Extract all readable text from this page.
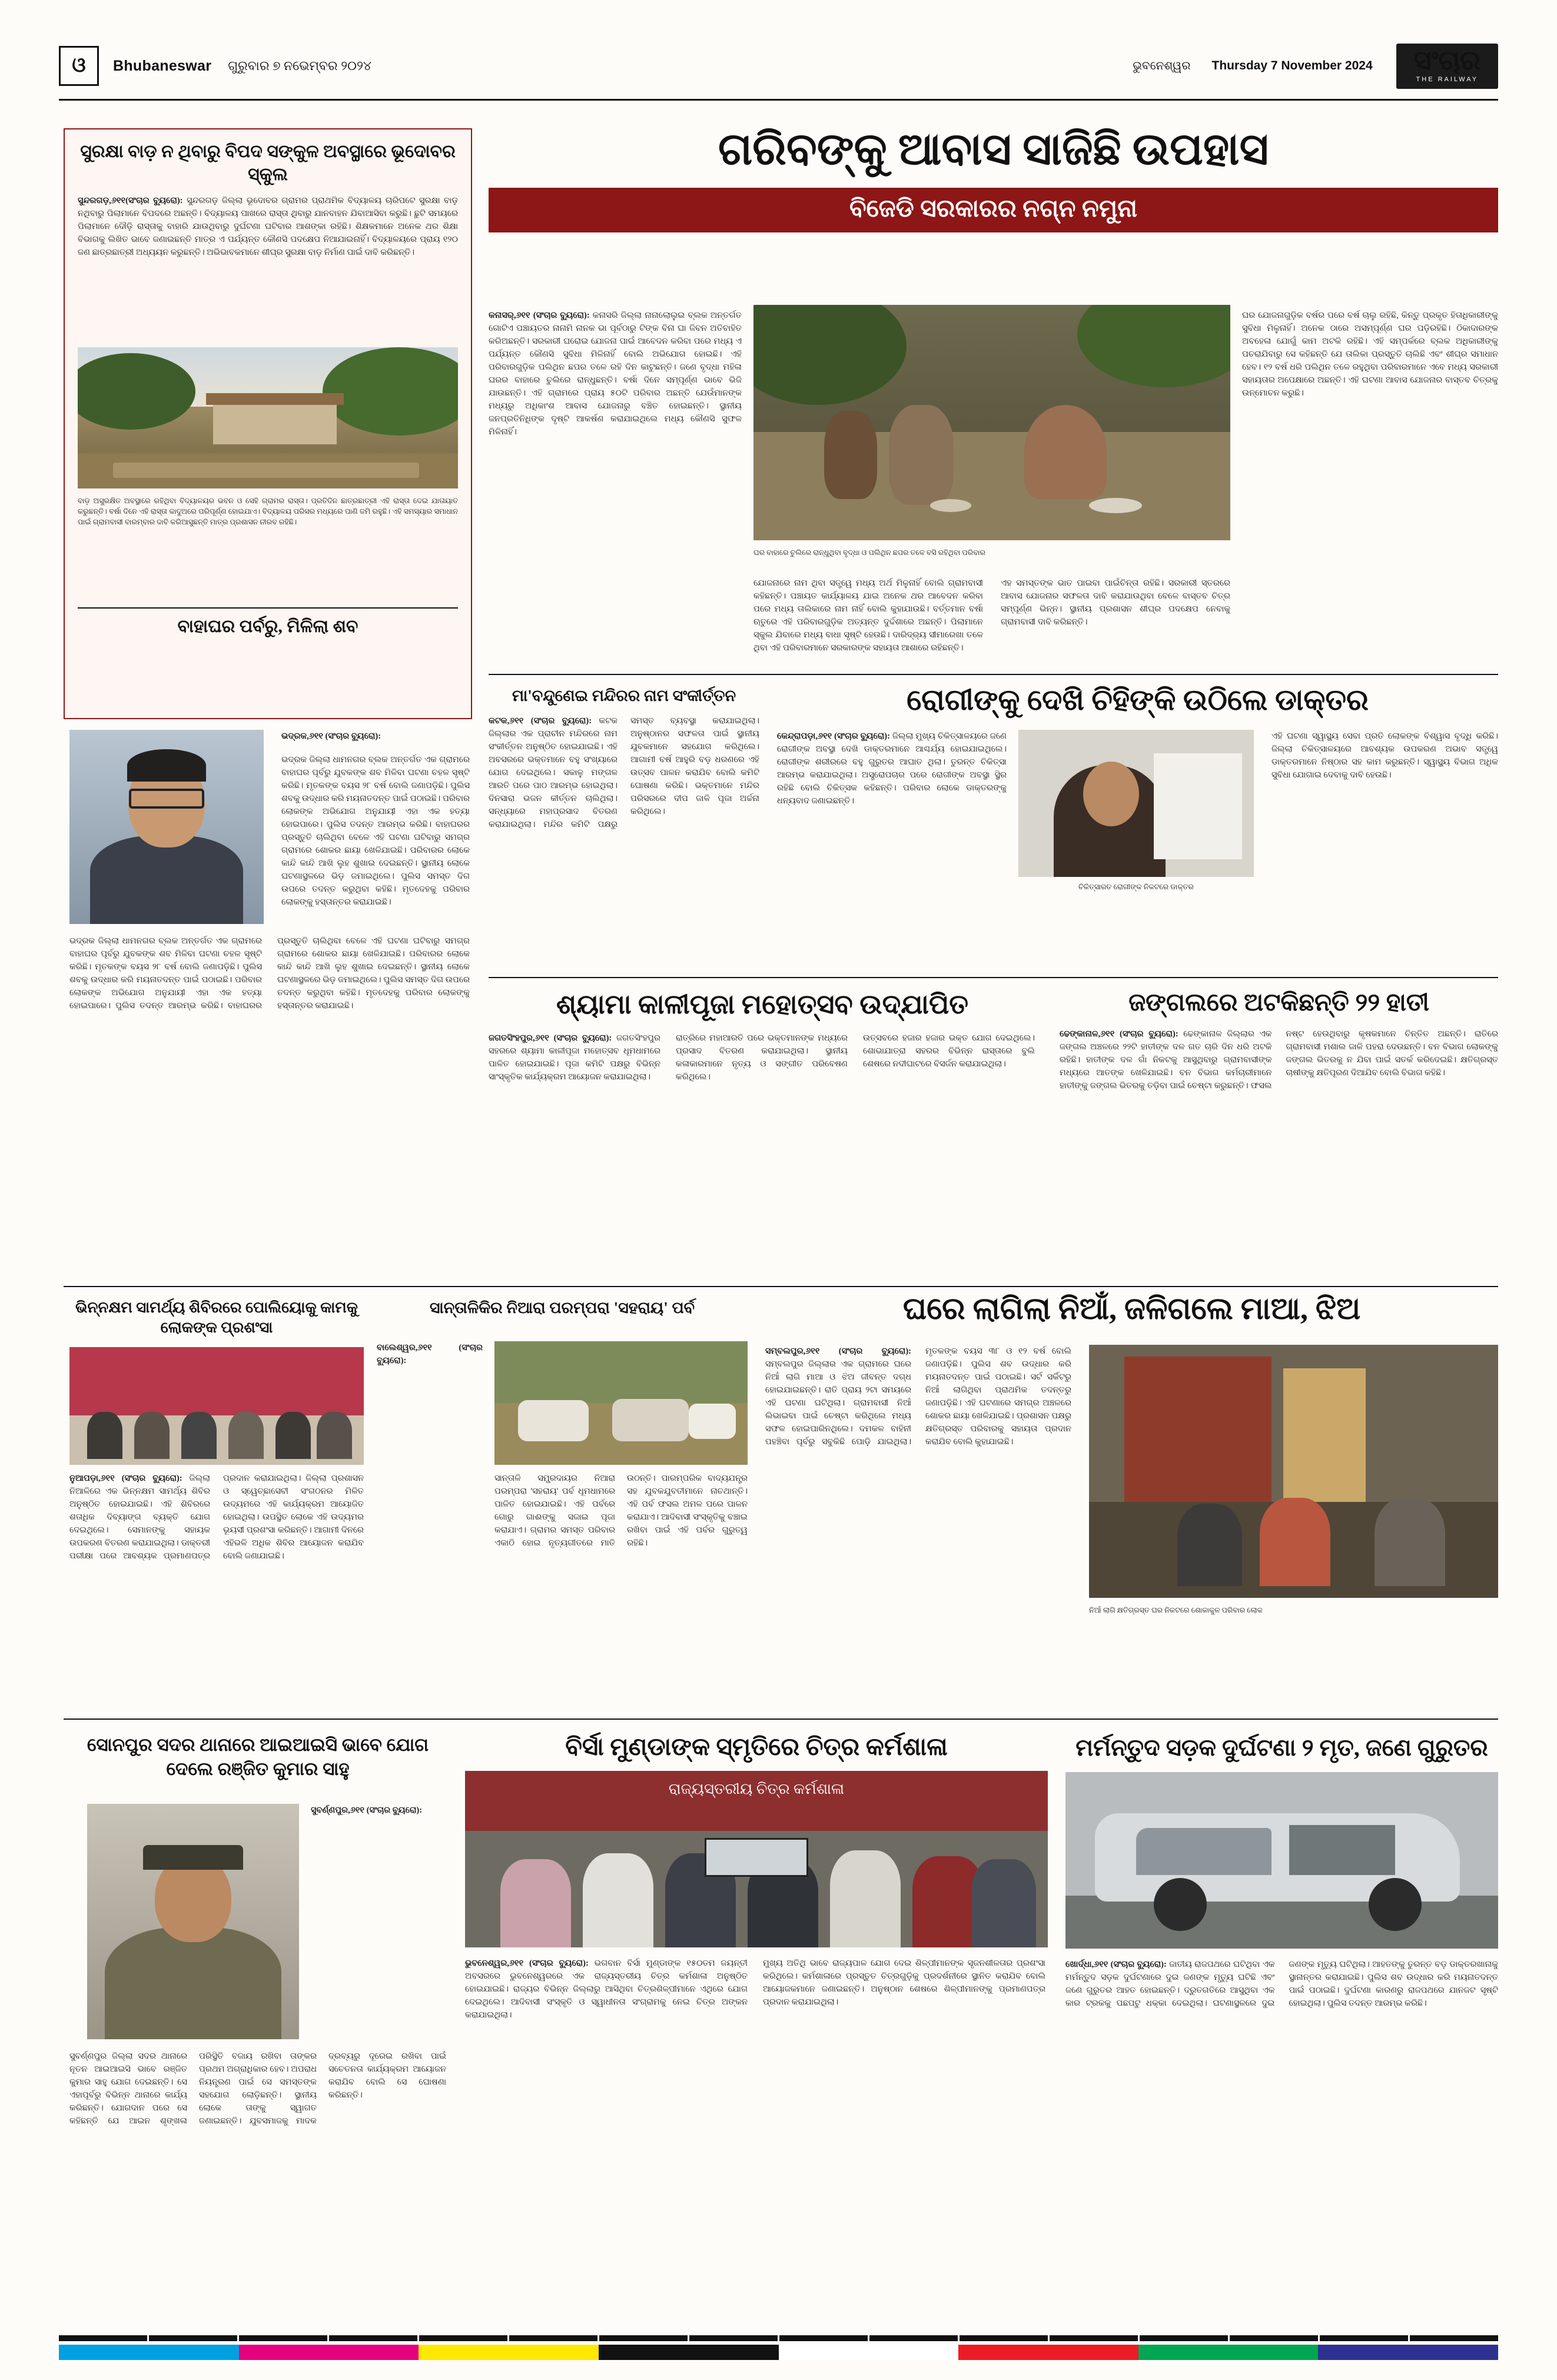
ଓ	Bhubaneswar ଗୁରୁବାର ୭ ନଭେମ୍ବର ୨୦୨୪	ଭୁବନେଶ୍ୱର Thursday 7 November 2024 ସଂଚାର
THE RAILWAY
ସୁରକ୍ଷା ବାଡ଼ ନ ଥିବାରୁ ବିପଦ ସଙ୍କୁଳ ଅବସ୍ଥାରେ ଭୂଦୋବର ସ୍କୁଲ
ସୁନ୍ଦରଗଡ଼,୬୧୧(ସଂଚାର ବ୍ୟୁରୋ): ସୁନ୍ଦରଗଡ଼ ଜିଲ୍ଲା ଭୂଦୋବର ଗ୍ରାମର ପ୍ରାଥମିକ ବିଦ୍ୟାଳୟ ଚାରିପଟେ ସୁରକ୍ଷା ବାଡ଼ ନଥିବାରୁ ପିଲାମାନେ ବିପଦରେ ଅଛନ୍ତି। ବିଦ୍ୟାଳୟ ପାଖରେ ରାସ୍ତା ଥିବାରୁ ଯାନବାହନ ଯିବାଆସିବା କରୁଛି। ଛୁଟି ସମୟରେ ପିଲାମାନେ ଦୌଡ଼ି ରାସ୍ତାକୁ ବାହାରି ଯାଉଥିବାରୁ ଦୁର୍ଘଟଣା ଘଟିବାର ଆଶଙ୍କା ରହିଛି। ଶିକ୍ଷକମାନେ ଅନେକ ଥର ଶିକ୍ଷା ବିଭାଗକୁ ଲିଖିତ ଭାବେ ଜଣାଇଛନ୍ତି ମାତ୍ର ଏ ପର୍ଯ୍ୟନ୍ତ କୌଣସି ପଦକ୍ଷେପ ନିଆଯାଇନାହିଁ। ବିଦ୍ୟାଳୟରେ ପ୍ରାୟ ୧୨୦ ଜଣ ଛାତ୍ରଛାତ୍ରୀ ଅଧ୍ୟୟନ କରୁଛନ୍ତି। ଅଭିଭାବକମାନେ ଶୀଘ୍ର ସୁରକ୍ଷା ବାଡ଼ ନିର୍ମାଣ ପାଇଁ ଦାବି କରିଛନ୍ତି।
ବାଡ଼ ଅସୁରକ୍ଷିତ ଅବସ୍ଥାରେ ରହିଥିବା ବିଦ୍ୟାଳୟର ଭବନ ଓ ସେହି ଗ୍ରାମର ରାସ୍ତା। ପ୍ରତିଦିନ ଛାତ୍ରଛାତ୍ରୀ ଏହି ରାସ୍ତା ଦେଇ ଯାତାୟାତ କରୁଛନ୍ତି। ବର୍ଷା ଦିନେ ଏହି ରାସ୍ତା କାଦୁଅରେ ପରିପୂର୍ଣ୍ଣ ହୋଇଯାଏ। ବିଦ୍ୟାଳୟ ପରିସର ମଧ୍ୟରେ ପାଣି ଜମି ରହୁଛି। ଏହି ସମସ୍ୟାର ସମାଧାନ ପାଇଁ ଗ୍ରାମବାସୀ ବାରମ୍ବାର ଦାବି କରିଆସୁଛନ୍ତି ମାତ୍ର ପ୍ରଶାସନ ନୀରବ ରହିଛି।
ବାହାଘର ପର୍ବରୁ, ମିଳିଲା ଶବ
ଭଦ୍ରକ,୬୧୧ (ସଂଚାର ବ୍ୟୁରୋ):
ଭଦ୍ରକ ଜିଲ୍ଲା ଧାମନଗର ବ୍ଲକ ଅନ୍ତର୍ଗତ ଏକ ଗ୍ରାମରେ ବାହାଘର ପୂର୍ବରୁ ଯୁବକଙ୍କ ଶବ ମିଳିବା ଘଟଣା ଚହଳ ସୃଷ୍ଟି କରିଛି। ମୃତକଙ୍କ ବୟସ ୨୮ ବର୍ଷ ବୋଲି ଜଣାପଡ଼ିଛି। ପୁଲିସ ଶବକୁ ଉଦ୍ଧାର କରି ମୟନାତଦନ୍ତ ପାଇଁ ପଠାଇଛି। ପରିବାର ଲୋକଙ୍କ ଅଭିଯୋଗ ଅନୁଯାୟୀ ଏହା ଏକ ହତ୍ୟା ହୋଇପାରେ। ପୁଲିସ ତଦନ୍ତ ଆରମ୍ଭ କରିଛି। ବାହାଘରର ପ୍ରସ୍ତୁତି ଚାଲିଥିବା ବେଳେ ଏହି ଘଟଣା ଘଟିବାରୁ ସମଗ୍ର ଗ୍ରାମରେ ଶୋକର ଛାୟା ଖେଳିଯାଇଛି। ପରିବାରର ଲୋକେ କାନ୍ଦି କାନ୍ଦି ଆଖି ଲୁହ ଶୁଖାଇ ଦେଇଛନ୍ତି। ସ୍ଥାନୀୟ ଲୋକେ ଘଟଣାସ୍ଥଳରେ ଭିଡ଼ ଜମାଇଥିଲେ। ପୁଲିସ ସମସ୍ତ ଦିଗ ଉପରେ ତଦନ୍ତ କରୁଥିବା କହିଛି। ମୃତଦେହକୁ ପରିବାର ଲୋକଙ୍କୁ ହସ୍ତାନ୍ତର କରାଯାଇଛି।
ଭଦ୍ରକ ଜିଲ୍ଲା ଧାମନଗର ବ୍ଲକ ଅନ୍ତର୍ଗତ ଏକ ଗ୍ରାମରେ ବାହାଘର ପୂର୍ବରୁ ଯୁବକଙ୍କ ଶବ ମିଳିବା ଘଟଣା ଚହଳ ସୃଷ୍ଟି କରିଛି। ମୃତକଙ୍କ ବୟସ ୨୮ ବର୍ଷ ବୋଲି ଜଣାପଡ଼ିଛି। ପୁଲିସ ଶବକୁ ଉଦ୍ଧାର କରି ମୟନାତଦନ୍ତ ପାଇଁ ପଠାଇଛି। ପରିବାର ଲୋକଙ୍କ ଅଭିଯୋଗ ଅନୁଯାୟୀ ଏହା ଏକ ହତ୍ୟା ହୋଇପାରେ। ପୁଲିସ ତଦନ୍ତ ଆରମ୍ଭ କରିଛି। ବାହାଘରର ପ୍ରସ୍ତୁତି ଚାଲିଥିବା ବେଳେ ଏହି ଘଟଣା ଘଟିବାରୁ ସମଗ୍ର ଗ୍ରାମରେ ଶୋକର ଛାୟା ଖେଳିଯାଇଛି। ପରିବାରର ଲୋକେ କାନ୍ଦି କାନ୍ଦି ଆଖି ଲୁହ ଶୁଖାଇ ଦେଇଛନ୍ତି। ସ୍ଥାନୀୟ ଲୋକେ ଘଟଣାସ୍ଥଳରେ ଭିଡ଼ ଜମାଇଥିଲେ। ପୁଲିସ ସମସ୍ତ ଦିଗ ଉପରେ ତଦନ୍ତ କରୁଥିବା କହିଛି। ମୃତଦେହକୁ ପରିବାର ଲୋକଙ୍କୁ ହସ୍ତାନ୍ତର କରାଯାଇଛି।
ଗରିବଙ୍କୁ ଆବାସ ସାଜିଛି ଉପହାସ
ବିଜେଡି ସରକାରର ନଗ୍ନ ନମୁନା
କନାସର୍,୬୧୧ (ସଂଚାର ବ୍ୟୁରୋ): କନାସରି ଜିଲ୍ଲା ନାନାଲୋଲୁଇ ବ୍ଲକ ଅନ୍ତର୍ଗତ ଗୋଟିଏ ପଞ୍ଚାୟତର ନାନାମି ନାନକ ଭା ପୂର୍ବଠାରୁ ଟିଙ୍କ ବିନା ଘା ଜିବନ ଅତିବାହିତ କରିଅଛନ୍ତି। ସରକାରୀ ଘରୋଇ ଯୋଜନା ପାଇଁ ଆବେଦନ କରିବା ପରେ ମଧ୍ୟ ଏ ପର୍ଯ୍ୟନ୍ତ କୌଣସି ସୁବିଧା ମିଳିନାହିଁ ବୋଲି ଅଭିଯୋଗ ହୋଇଛି। ଏହି ପରିବାରଗୁଡ଼ିକ ପଲିଥିନ ଛପର ତଳେ ରହି ଦିନ କାଟୁଛନ୍ତି। ଜଣେ ବୃଦ୍ଧା ମହିଳା ଘରର ବାହାରେ ଚୁଲିରେ ରାନ୍ଧୁଛନ୍ତି। ବର୍ଷା ଦିନେ ସମ୍ପୂର୍ଣ୍ଣ ଭାବେ ଭିଜି ଯାଉଛନ୍ତି। ଏହି ଗ୍ରାମରେ ପ୍ରାୟ ୫୦ଟି ପରିବାର ଅଛନ୍ତି ଯେଉଁମାନଙ୍କ ମଧ୍ୟରୁ ଅଧିକାଂଶ ଆବାସ ଯୋଜନାରୁ ବଞ୍ଚିତ ହୋଇଛନ୍ତି। ସ୍ଥାନୀୟ ଜନପ୍ରତିନିଧିଙ୍କ ଦୃଷ୍ଟି ଆକର୍ଷଣ କରାଯାଇଥିଲେ ମଧ୍ୟ କୌଣସି ସୁଫଳ ମିଳିନାହିଁ।
ଘର ବାହାରେ ଚୁଲିରେ ରାନ୍ଧୁଥିବା ବୃଦ୍ଧା ଓ ପଲିଥିନ ଛପର ତଳେ ବସି ରହିଥିବା ପରିବାର
ଯୋଜନାରେ ନାମ ଥିବା ସତ୍ତ୍ୱେ ମଧ୍ୟ ଅର୍ଥ ମିଳୁନାହିଁ ବୋଲି ଗ୍ରାମବାସୀ କହିଛନ୍ତି। ପଞ୍ଚାୟତ କାର୍ଯ୍ୟାଳୟ ଯାଇ ଅନେକ ଥର ଆବେଦନ କରିବା ପରେ ମଧ୍ୟ ତାଲିକାରେ ନାମ ନାହିଁ ବୋଲି କୁହାଯାଉଛି। ବର୍ତ୍ତମାନ ବର୍ଷା ଋତୁରେ ଏହି ପରିବାରଗୁଡ଼ିକ ଅତ୍ୟନ୍ତ ଦୁର୍ଦ୍ଦଶାରେ ଅଛନ୍ତି। ପିଲାମାନେ ସ୍କୁଲ ଯିବାରେ ମଧ୍ୟ ବାଧା ସୃଷ୍ଟି ହେଉଛି। ଦାରିଦ୍ର୍ୟ ସୀମାରେଖା ତଳେ ଥିବା ଏହି ପରିବାରମାନେ ସରକାରଙ୍କ ସହାୟତା ଆଶାରେ ରହିଛନ୍ତି।
ଏହ ସମସ୍ତଙ୍କ ଭାତ ପାଇବା ପାଇଁଚିନ୍ତା ରହିଛି। ସରକାରୀ ସ୍ତରରେ ଆବାସ ଯୋଜନାର ସଫଳତା ଦାବି କରାଯାଉଥିବା ବେଳେ ବାସ୍ତବ ଚିତ୍ର ସମ୍ପୂର୍ଣ୍ଣ ଭିନ୍ନ। ସ୍ଥାନୀୟ ପ୍ରଶାସନ ଶୀଘ୍ର ପଦକ୍ଷେପ ନେବାକୁ ଗ୍ରାମବାସୀ ଦାବି କରିଛନ୍ତି।
ଘର ଯୋଜନାଗୁଡ଼ିକ ବର୍ଷର ପରେ ବର୍ଷ ଚାଲୁ ରହିଛି, କିନ୍ତୁ ପ୍ରକୃତ ହିତାଧିକାରୀଙ୍କୁ ସୁବିଧା ମିଳୁନାହିଁ। ଅନେକ ଠାରେ ଅସମ୍ପୂର୍ଣ୍ଣ ଘର ପଡ଼ିରହିଛି। ଠିକାଦାରଙ୍କ ଅବହେଳା ଯୋଗୁଁ କାମ ଅଟକି ରହିଛି। ଏହି ସମ୍ପର୍କରେ ବ୍ଲକ ଅଧିକାରୀଙ୍କୁ ପଚରାଯିବାରୁ ସେ କହିଛନ୍ତି ଯେ ତାଲିକା ପ୍ରସ୍ତୁତି ଚାଲିଛି ଏବଂ ଶୀଘ୍ର ସମାଧାନ ହେବ। ୧୨ ବର୍ଷ ଧରି ପଲିଥିନ ତଳେ ରହୁଥିବା ପରିବାରମାନେ ଏବେ ମଧ୍ୟ ସରକାରୀ ସହାୟତାର ଅପେକ୍ଷାରେ ଅଛନ୍ତି। ଏହି ଘଟଣା ଆବାସ ଯୋଜନାର ବାସ୍ତବ ଚିତ୍ରକୁ ଉନ୍ମୋଚନ କରୁଛି।
ମା'ବନ୍ଦୁଣେଇ ମନ୍ଦିରର ନାମ ସଂକୀର୍ତ୍ତନ
କଟକ,୬୧୧ (ସଂଚାର ବ୍ୟୁରୋ): କଟକ ଜିଲ୍ଲାର ଏକ ପ୍ରାଚୀନ ମନ୍ଦିରରେ ନାମ ସଂକୀର୍ତ୍ତନ ଅନୁଷ୍ଠିତ ହୋଇଯାଇଛି। ଏହି ଅବସରରେ ଭକ୍ତମାନେ ବହୁ ସଂଖ୍ୟାରେ ଯୋଗ ଦେଇଥିଲେ। ସକାଳୁ ମଙ୍ଗଳ ଆରତି ପରେ ପାଠ ଆରମ୍ଭ ହୋଇଥିଲା। ଦିନସାରା ଭଜନ କୀର୍ତ୍ତନ ଚାଲିଥିଲା। ସନ୍ଧ୍ୟାରେ ମହାପ୍ରସାଦ ବିତରଣ କରାଯାଇଥିଲା। ମନ୍ଦିର କମିଟି ପକ୍ଷରୁ ସମସ୍ତ ବ୍ୟବସ୍ଥା କରାଯାଇଥିଲା। ଅନୁଷ୍ଠାନର ସଫଳତା ପାଇଁ ସ୍ଥାନୀୟ ଯୁବକମାନେ ସହଯୋଗ କରିଥିଲେ। ଆଗାମୀ ବର୍ଷ ଆହୁରି ବଡ଼ ଧରଣରେ ଏହି ଉତ୍ସବ ପାଳନ କରାଯିବ ବୋଲି କମିଟି ଘୋଷଣା କରିଛି। ଭକ୍ତମାନେ ମନ୍ଦିର ପରିସରରେ ଦୀପ ଜାଳି ପୂଜା ଅର୍ଚ୍ଚନା କରିଥିଲେ।
ରୋଗୀଙ୍କୁ ଦେଖି ଚିହିଙ୍କି ଉଠିଲେ ଡାକ୍ତର
କେନ୍ଦ୍ରାପଡ଼ା,୬୧୧ (ସଂଚାର ବ୍ୟୁରୋ): ଜିଲ୍ଲା ମୁଖ୍ୟ ଚିକିତ୍ସାଳୟରେ ଜଣେ ରୋଗୀଙ୍କ ଅବସ୍ଥା ଦେଖି ଡାକ୍ତରମାନେ ଆଶ୍ଚର୍ଯ୍ୟ ହୋଇଯାଇଥିଲେ। ରୋଗୀଙ୍କ ଶରୀରରେ ବହୁ ଗୁରୁତର ଆଘାତ ଥିଲା। ତୁରନ୍ତ ଚିକିତ୍ସା ଆରମ୍ଭ କରାଯାଇଥିଲା। ଅସ୍ତ୍ରୋପଚାର ପରେ ରୋଗୀଙ୍କ ଅବସ୍ଥା ସ୍ଥିର ରହିଛି ବୋଲି ଚିକିତ୍ସକ କହିଛନ୍ତି। ପରିବାର ଲୋକେ ଡାକ୍ତରଙ୍କୁ ଧନ୍ୟବାଦ ଜଣାଇଛନ୍ତି।
ଚିକିତ୍ସାରତ ରୋଗୀଙ୍କ ନିକଟରେ ଡାକ୍ତର
ଏହି ଘଟଣା ସ୍ୱାସ୍ଥ୍ୟ ସେବା ପ୍ରତି ଲୋକଙ୍କ ବିଶ୍ୱାସ ବୃଦ୍ଧି କରିଛି। ଜିଲ୍ଲା ଚିକିତ୍ସାଳୟରେ ଆବଶ୍ୟକ ଉପକରଣ ଅଭାବ ସତ୍ତ୍ୱେ ଡାକ୍ତରମାନେ ନିଷ୍ଠାର ସହ କାମ କରୁଛନ୍ତି। ସ୍ୱାସ୍ଥ୍ୟ ବିଭାଗ ଅଧିକ ସୁବିଧା ଯୋଗାଇ ଦେବାକୁ ଦାବି ହେଉଛି।
ଶ୍ୟାମା କାଳୀପୂଜା ମହୋତ୍ସବ ଉଦ୍‌ଯାପିତ
ଜଗତସିଂହପୁର,୬୧୧ (ସଂଚାର ବ୍ୟୁରୋ): ଜଗତସିଂହପୁର ସହରରେ ଶ୍ୟାମା କାଳୀପୂଜା ମହୋତ୍ସବ ଧୂମଧାମରେ ପାଳିତ ହୋଇଯାଇଛି। ପୂଜା କମିଟି ପକ୍ଷରୁ ବିଭିନ୍ନ ସାଂସ୍କୃତିକ କାର୍ଯ୍ୟକ୍ରମ ଆୟୋଜନ କରାଯାଇଥିଲା।
ରାତ୍ରିରେ ମହାଆରତି ପରେ ଭକ୍ତମାନଙ୍କ ମଧ୍ୟରେ ପ୍ରସାଦ ବିତରଣ କରାଯାଇଥିଲା। ସ୍ଥାନୀୟ କଳାକାରମାନେ ନୃତ୍ୟ ଓ ସଙ୍ଗୀତ ପରିବେଷଣ କରିଥିଲେ।
ଉତ୍ସବରେ ହଜାର ହଜାର ଭକ୍ତ ଯୋଗ ଦେଇଥିଲେ। ଶୋଭାଯାତ୍ରା ସହରର ବିଭିନ୍ନ ରାସ୍ତାରେ ବୁଲି ଶେଷରେ ନଦୀଘାଟରେ ବିସର୍ଜନ କରାଯାଇଥିଲା।
ଜଙ୍ଗଲରେ ଅଟକିଛନ୍ତି ୨୨ ହାତୀ
ଢେଙ୍କାନାଳ,୬୧୧ (ସଂଚାର ବ୍ୟୁରୋ): ଢେଙ୍କାନାଳ ଜିଲ୍ଲାର ଏକ ଜଙ୍ଗଲ ଅଞ୍ଚଳରେ ୨୨ଟି ହାତୀଙ୍କ ଦଳ ଗତ ଚାରି ଦିନ ଧରି ଅଟକି ରହିଛି। ହାତୀଙ୍କ ଦଳ ଗାଁ ନିକଟକୁ ଆସୁଥିବାରୁ ଗ୍ରାମବାସୀଙ୍କ ମଧ୍ୟରେ ଆତଙ୍କ ଖେଳିଯାଇଛି। ବନ ବିଭାଗ କର୍ମଚାରୀମାନେ ହାତୀଙ୍କୁ ଜଙ୍ଗଲ ଭିତରକୁ ତଡ଼ିବା ପାଇଁ ଚେଷ୍ଟା କରୁଛନ୍ତି। ଫସଲ ନଷ୍ଟ ହେଉଥିବାରୁ କୃଷକମାନେ ଚିନ୍ତିତ ଅଛନ୍ତି। ରାତିରେ ଗ୍ରାମବାସୀ ମଶାଲ ଜାଳି ପହରା ଦେଉଛନ୍ତି। ବନ ବିଭାଗ ଲୋକଙ୍କୁ ଜଙ୍ଗଲ ଭିତରକୁ ନ ଯିବା ପାଇଁ ସତର୍କ କରିଦେଇଛି। କ୍ଷତିଗ୍ରସ୍ତ ଚାଷୀଙ୍କୁ କ୍ଷତିପୂରଣ ଦିଆଯିବ ବୋଲି ବିଭାଗ କହିଛି।
ଭିନ୍ନକ୍ଷମ ସାମର୍ଥ୍ୟ ଶିବିରରେ ପୋଲିୟୋକୁ କାମକୁ ଲୋକଙ୍କ ପ୍ରଶଂସା
ନୁଆପଡ଼ା,୬୧୧ (ସଂଚାର ବ୍ୟୁରୋ): ଜିଲ୍ଲା ନିଆଳିରେ ଏକ ଭିନ୍ନକ୍ଷମ ସାମର୍ଥ୍ୟ ଶିବିର ଅନୁଷ୍ଠିତ ହୋଇଯାଇଛି। ଏହି ଶିବିରରେ ଶତାଧିକ ଦିବ୍ୟାଙ୍ଗ ବ୍ୟକ୍ତି ଯୋଗ ଦେଇଥିଲେ। ସେମାନଙ୍କୁ ସହାୟକ ଉପକରଣ ବିତରଣ କରାଯାଇଥିଲା। ଡାକ୍ତରୀ ପରୀକ୍ଷା ପରେ ଆବଶ୍ୟକ ପ୍ରମାଣପତ୍ର ପ୍ରଦାନ କରାଯାଇଥିଲା। ଜିଲ୍ଲା ପ୍ରଶାସନ ଓ ସ୍ୱେଚ୍ଛାସେବୀ ସଂଗଠନର ମିଳିତ ଉଦ୍ୟମରେ ଏହି କାର୍ଯ୍ୟକ୍ରମ ଆୟୋଜିତ ହୋଇଥିଲା। ଉପସ୍ଥିତ ଲୋକେ ଏହି ଉଦ୍ୟମର ଭୂୟସୀ ପ୍ରଶଂସା କରିଛନ୍ତି। ଆଗାମୀ ଦିନରେ ଏହିଭଳି ଅଧିକ ଶିବିର ଆୟୋଜନ କରାଯିବ ବୋଲି ଜଣାଯାଇଛି।
ସାନ୍ତାଳିକିର ନିଆରା ପରମ୍ପରା 'ସହରାୟ' ପର୍ବ
ବାଲେଶ୍ୱର,୬୧୧ (ସଂଚାର ବ୍ୟୁରୋ):
ସାନ୍ତାଳି ସମ୍ପ୍ରଦାୟର ନିଆରା ପରମ୍ପରା 'ସହରାୟ' ପର୍ବ ଧୂମଧାମରେ ପାଳିତ ହୋଇଯାଇଛି। ଏହି ପର୍ବରେ ଗୋରୁ ଗାଈଙ୍କୁ ସଜାଇ ପୂଜା କରାଯାଏ। ଗ୍ରାମର ସମସ୍ତ ପରିବାର ଏକାଠି ହୋଇ ନୃତ୍ୟଗୀତରେ ମାତି ଉଠନ୍ତି। ପାରମ୍ପରିକ ବାଦ୍ୟଯନ୍ତ୍ର ସହ ଯୁବକଯୁବତୀମାନେ ନାଚଥାନ୍ତି। ଏହି ପର୍ବ ଫସଲ ଅମଳ ପରେ ପାଳନ କରାଯାଏ। ଆଦିବାସୀ ସଂସ୍କୃତିକୁ ବଞ୍ଚାଇ ରଖିବା ପାଇଁ ଏହି ପର୍ବର ଗୁରୁତ୍ୱ ରହିଛି।
ଘରେ ଲାଗିଲା ନିଆଁ, ଜଳିଗଲେ ମାଆ, ଝିଅ
ସମ୍ବଲପୁର,୬୧୧ (ସଂଚାର ବ୍ୟୁରୋ): ସମ୍ବଲପୁର ଜିଲ୍ଲାର ଏକ ଗ୍ରାମରେ ଘରେ ନିଆଁ ଲାଗି ମାଆ ଓ ଝିଅ ଜୀବନ୍ତ ଦଗ୍ଧ ହୋଇଯାଇଛନ୍ତି। ରାତି ପ୍ରାୟ ୨ଟା ସମୟରେ ଏହି ଘଟଣା ଘଟିଥିଲା। ଗ୍ରାମବାସୀ ନିଆଁ ଲିଭାଇବା ପାଇଁ ଚେଷ୍ଟା କରିଥିଲେ ମଧ୍ୟ ସଫଳ ହୋଇପାରିନଥିଲେ। ଦମକଳ ବାହିନୀ ପହଞ୍ଚିବା ପୂର୍ବରୁ ସବୁକିଛି ପୋଡ଼ି ଯାଇଥିଲା। ମୃତକଙ୍କ ବୟସ ୩୮ ଓ ୧୨ ବର୍ଷ ବୋଲି ଜଣାପଡ଼ିଛି। ପୁଲିସ ଶବ ଉଦ୍ଧାର କରି ମୟନାତଦନ୍ତ ପାଇଁ ପଠାଇଛି। ସର୍ଟ ସର୍କିଟରୁ ନିଆଁ ଲାଗିଥିବା ପ୍ରାଥମିକ ତଦନ୍ତରୁ ଜଣାପଡ଼ିଛି। ଏହି ଘଟଣାରେ ସମଗ୍ର ଅଞ୍ଚଳରେ ଶୋକର ଛାୟା ଖେଳିଯାଇଛି। ପ୍ରଶାସନ ପକ୍ଷରୁ କ୍ଷତିଗ୍ରସ୍ତ ପରିବାରକୁ ସହାୟତା ପ୍ରଦାନ କରାଯିବ ବୋଲି କୁହାଯାଇଛି।
ନିଆଁ ଲାଗି କ୍ଷତିଗ୍ରସ୍ତ ଘର ନିକଟରେ ଶୋକାକୁଳ ପରିବାର ଲୋକ
ସୋନପୁର ସଦର ଥାନାରେ ଆଇଆଇସି ଭାବେ ଯୋଗ ଦେଲେ ରଞ୍ଜିତ କୁମାର ସାହୁ
ସୁବର୍ଣ୍ଣପୁର,୬୧୧ (ସଂଚାର ବ୍ୟୁରୋ):
ସୁବର୍ଣ୍ଣପୁର ଜିଲ୍ଲା ସଦର ଥାନାରେ ନୂତନ ଆଇଆଇସି ଭାବେ ରଞ୍ଜିତ କୁମାର ସାହୁ ଯୋଗ ଦେଇଛନ୍ତି। ସେ ଏହାପୂର୍ବରୁ ବିଭିନ୍ନ ଥାନାରେ କାର୍ଯ୍ୟ କରିଛନ୍ତି। ଯୋଗଦାନ ପରେ ସେ କହିଛନ୍ତି ଯେ ଆଇନ ଶୃଙ୍ଖଳା ପରିସ୍ଥିତି ବଜାୟ ରଖିବା ତାଙ୍କର ପ୍ରଥମ ଅଗ୍ରାଧିକାର ହେବ। ଅପରାଧ ନିୟନ୍ତ୍ରଣ ପାଇଁ ସେ ସମସ୍ତଙ୍କ ସହଯୋଗ ଲୋଡ଼ିଛନ୍ତି। ସ୍ଥାନୀୟ ଲୋକେ ତାଙ୍କୁ ସ୍ୱାଗତ ଜଣାଇଛନ୍ତି। ଯୁବସମାଜକୁ ମାଦକ ଦ୍ରବ୍ୟରୁ ଦୂରେଇ ରଖିବା ପାଇଁ ସଚେତନତା କାର୍ଯ୍ୟକ୍ରମ ଆୟୋଜନ କରାଯିବ ବୋଲି ସେ ଘୋଷଣା କରିଛନ୍ତି।
ବିର୍ସା ମୁଣ୍ଡାଙ୍କ ସ୍ମୃତିରେ ଚିତ୍ର କର୍ମଶାଳା
ରାଜ୍ୟସ୍ତରୀୟ ଚିତ୍ର କର୍ମଶାଳା
ଭୁବନେଶ୍ୱର,୬୧୧ (ସଂଚାର ବ୍ୟୁରୋ): ଭଗବାନ ବିର୍ସା ମୁଣ୍ଡାଙ୍କ ୧୫୦ତମ ଜୟନ୍ତୀ ଅବସରରେ ଭୁବନେଶ୍ୱରରେ ଏକ ରାଜ୍ୟସ୍ତରୀୟ ଚିତ୍ର କର୍ମଶାଳା ଅନୁଷ୍ଠିତ ହୋଇଯାଇଛି। ରାଜ୍ୟର ବିଭିନ୍ନ ଜିଲ୍ଲାରୁ ଆସିଥିବା ଚିତ୍ରଶିଳ୍ପୀମାନେ ଏଥିରେ ଯୋଗ ଦେଇଥିଲେ। ଆଦିବାସୀ ସଂସ୍କୃତି ଓ ସ୍ୱାଧୀନତା ସଂଗ୍ରାମକୁ ନେଇ ଚିତ୍ର ଅଙ୍କନ କରାଯାଇଥିଲା।
ମୁଖ୍ୟ ଅତିଥି ଭାବେ ରାଜ୍ୟପାଳ ଯୋଗ ଦେଇ ଶିଳ୍ପୀମାନଙ୍କ ସୃଜନଶୀଳତାର ପ୍ରଶଂସା କରିଥିଲେ। କର୍ମଶାଳାରେ ପ୍ରସ୍ତୁତ ଚିତ୍ରଗୁଡ଼ିକୁ ପ୍ରଦର୍ଶନୀରେ ସ୍ଥାନିତ କରାଯିବ ବୋଲି ଆୟୋଜକମାନେ ଜଣାଇଛନ୍ତି। ଅନୁଷ୍ଠାନ ଶେଷରେ ଶିଳ୍ପୀମାନଙ୍କୁ ପ୍ରମାଣପତ୍ର ପ୍ରଦାନ କରାଯାଇଥିଲା।
ମର୍ମନ୍ତୁଦ ସଡ଼କ ଦୁର୍ଘଟଣା ୨ ମୃତ, ଜଣେ ଗୁରୁତର
ଖୋର୍ଦ୍ଧା,୬୧୧ (ସଂଚାର ବ୍ୟୁରୋ): ଜାତୀୟ ରାଜପଥରେ ଘଟିଥିବା ଏକ ମର୍ମନ୍ତୁଦ ସଡ଼କ ଦୁର୍ଘଟଣାରେ ଦୁଇ ଜଣଙ୍କ ମୃତ୍ୟୁ ଘଟିଛି ଏବଂ ଜଣେ ଗୁରୁତର ଆହତ ହୋଇଛନ୍ତି। ଦ୍ରୁତଗତିରେ ଆସୁଥିବା ଏକ କାର ଟ୍ରକକୁ ପଛପଟୁ ଧକ୍କା ଦେଇଥିଲା। ଘଟଣାସ୍ଥଳରେ ଦୁଇ ଜଣଙ୍କ ମୃତ୍ୟୁ ଘଟିଥିଲା। ଆହତଙ୍କୁ ତୁରନ୍ତ ବଡ଼ ଡାକ୍ତରଖାନାକୁ ସ୍ଥାନାନ୍ତର କରାଯାଇଛି। ପୁଲିସ ଶବ ଉଦ୍ଧାର କରି ମୟନାତଦନ୍ତ ପାଇଁ ପଠାଇଛି। ଦୁର୍ଘଟଣା କାରଣରୁ ରାଜପଥରେ ଯାନଜଟ ସୃଷ୍ଟି ହୋଇଥିଲା। ପୁଲିସ ତଦନ୍ତ ଆରମ୍ଭ କରିଛି।
